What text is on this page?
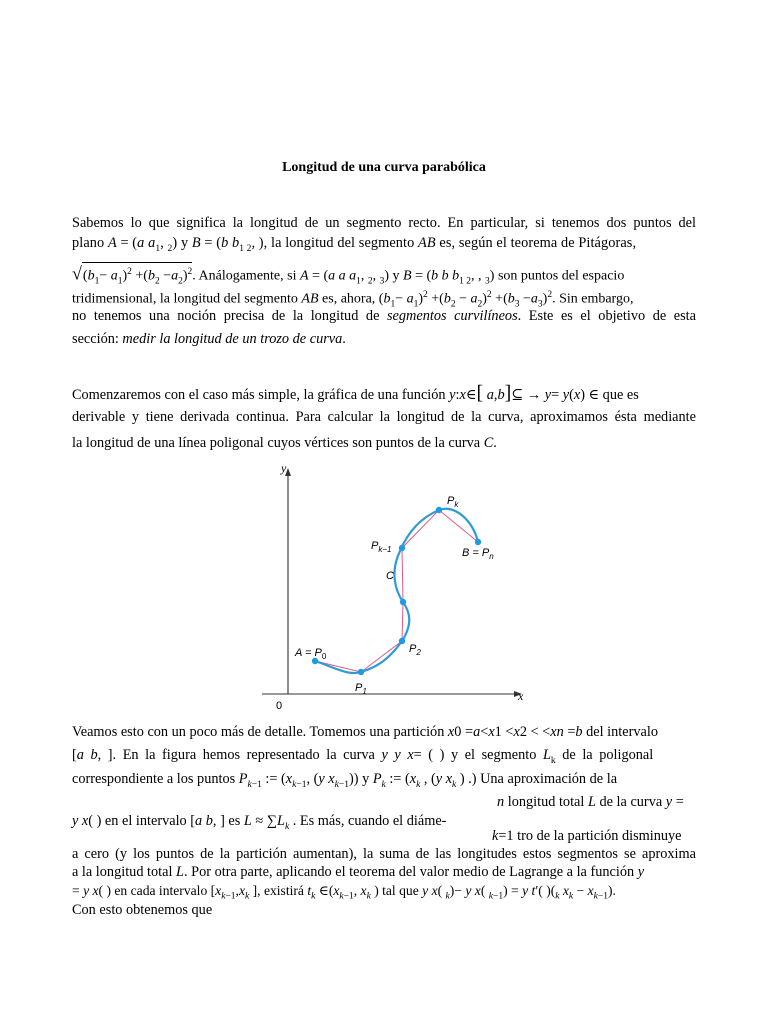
Longitud de una curva parabólica
Sabemos lo que significa la longitud de un segmento recto. En particular, si tenemos dos puntos del
plano A = (a $a_1$, $_2$) y B = (b $b_{1 2}$, ), la longitud del segmento AB es, según el teorema de Pitágoras,
$√(b_1- a_1)^2 +(b_2 -a_2)^2$. Análogamente, si A = (a a $a_1$, $_2$, $_3$) y B = (b b $b_{1 2}$, , $_3$) son puntos del espacio
tridimensional, la longitud del segmento AB es, ahora, $(b_1- a_1)^2 +(b_2 - a_2)^2 +(b_3 -a_3)^2$. Sin embargo,
no tenemos una noción precisa de la longitud de segmentos curvilíneos. Este es el objetivo de esta
sección: medir la longitud de un trozo de curva.
Comenzaremos con el caso más simple, la gráfica de una función y:x∈[ a,b]⊆ → y= y(x) ∈ que es
derivable y tiene derivada continua. Para calcular la longitud de la curva, aproximamos ésta mediante
la longitud de una línea poligonal cuyos vértices son puntos de la curva C.
y
x
0
$A = P_0$
$P_1$
$P_2$
C
$P_{k-1}$
$P_k$
$B = P_n$
Veamos esto con un poco más de detalle. Tomemos una partición x0 =a<x1 <x2 < <xn =b del intervalo
[a b, ]. En la figura hemos representado la curva y y x= ( ) y el segmento $L_k$ de la poligonal
correspondiente a los puntos $P_{k-1}$ := ($x_{k-1}$, (y $x_{k-1}$)) y $P_k$ := ($x_k$ , (y $x_k$ ) .) Una aproximación de la
n longitud total L de la curva y =
y x( ) en el intervalo [a b, ] es $L \approx \sum L_k$ . Es más, cuando el diáme-
k=1 tro de la partición disminuye
a cero (y los puntos de la partición aumentan), la suma de las longitudes estos segmentos se aproxima
a la longitud total L. Por otra parte, aplicando el teorema del valor medio de Lagrange a la función y
= y x( ) en cada intervalo [$x_{k-1},x_k$ ], existirá $t_k$ $\in(x_{k-1}$, $x_k$ ) tal que y x( $_k$)− y x( $_{k-1}$) = y t′( )($_k$ $x_k - x_{k-1}$).
Con esto obtenemos que
